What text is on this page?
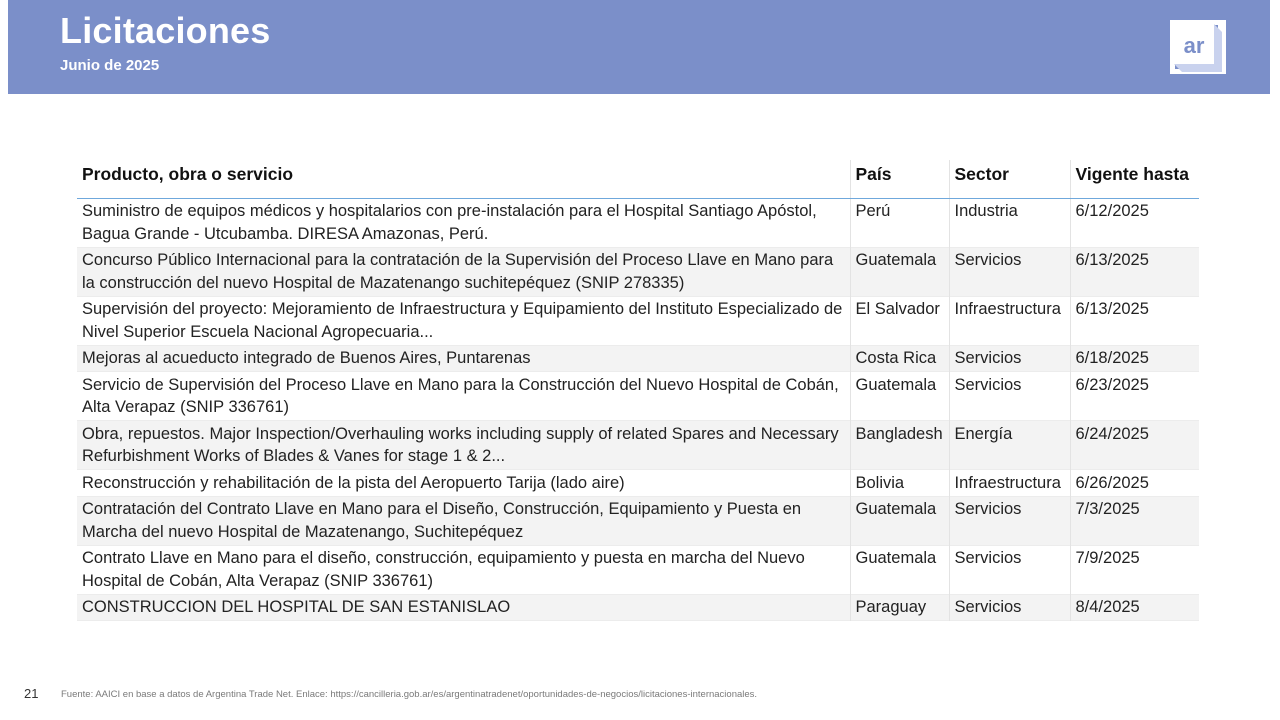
Licitaciones
Junio de 2025
ar
Producto, obra o servicio	País	Sector	Vigente hasta
Suministro de equipos médicos y hospitalarios con pre-instalación para el Hospital Santiago Apóstol, Bagua Grande - Utcubamba. DIRESA Amazonas, Perú.	Perú	Industria	6/12/2025
Concurso Público Internacional para la contratación de la Supervisión del Proceso Llave en Mano para la construcción del nuevo Hospital de Mazatenango suchitepéquez (SNIP 278335)	Guatemala	Servicios	6/13/2025
Supervisión del proyecto: Mejoramiento de Infraestructura y Equipamiento del Instituto Especializado de Nivel Superior Escuela Nacional Agropecuaria...	El Salvador	Infraestructura	6/13/2025
Mejoras al acueducto integrado de Buenos Aires, Puntarenas	Costa Rica	Servicios	6/18/2025
Servicio de Supervisión del Proceso Llave en Mano para la Construcción del Nuevo Hospital de Cobán, Alta Verapaz (SNIP 336761)	Guatemala	Servicios	6/23/2025
Obra, repuestos. Major Inspection/Overhauling works including supply of related Spares and Necessary Refurbishment Works of Blades & Vanes for stage 1 & 2...	Bangladesh	Energía	6/24/2025
Reconstrucción y rehabilitación de la pista del Aeropuerto Tarija (lado aire)	Bolivia	Infraestructura	6/26/2025
Contratación del Contrato Llave en Mano para el Diseño, Construcción, Equipamiento y Puesta en Marcha del nuevo Hospital de Mazatenango, Suchitepéquez	Guatemala	Servicios	7/3/2025
Contrato Llave en Mano para el diseño, construcción, equipamiento y puesta en marcha del Nuevo Hospital de Cobán, Alta Verapaz (SNIP 336761)	Guatemala	Servicios	7/9/2025
CONSTRUCCION DEL HOSPITAL DE SAN ESTANISLAO	Paraguay	Servicios	8/4/2025
21 Fuente: AAICI en base a datos de Argentina Trade Net. Enlace: https://cancilleria.gob.ar/es/argentinatradenet/oportunidades-de-negocios/licitaciones-internacionales.
